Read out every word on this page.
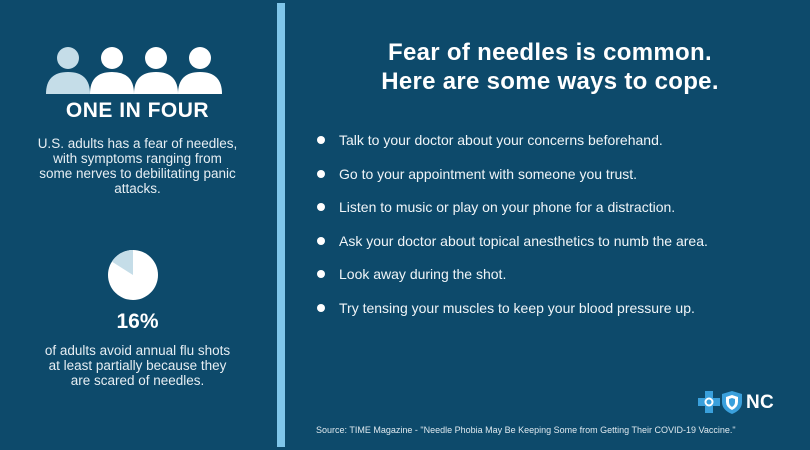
ONE IN FOUR
U.S. adults has a fear of needles, with symptoms ranging from some nerves to debilitating panic attacks.
16%
of adults avoid annual flu shots at least partially because they are scared of needles.
Fear of needles is common.
Here are some ways to cope.
Talk to your doctor about your concerns beforehand.
Go to your appointment with someone you trust.
Listen to music or play on your phone for a distraction.
Ask your doctor about topical anesthetics to numb the area.
Look away during the shot.
Try tensing your muscles to keep your blood pressure up.
NC
Source: TIME Magazine - "Needle Phobia May Be Keeping Some from Getting Their COVID-19 Vaccine."
